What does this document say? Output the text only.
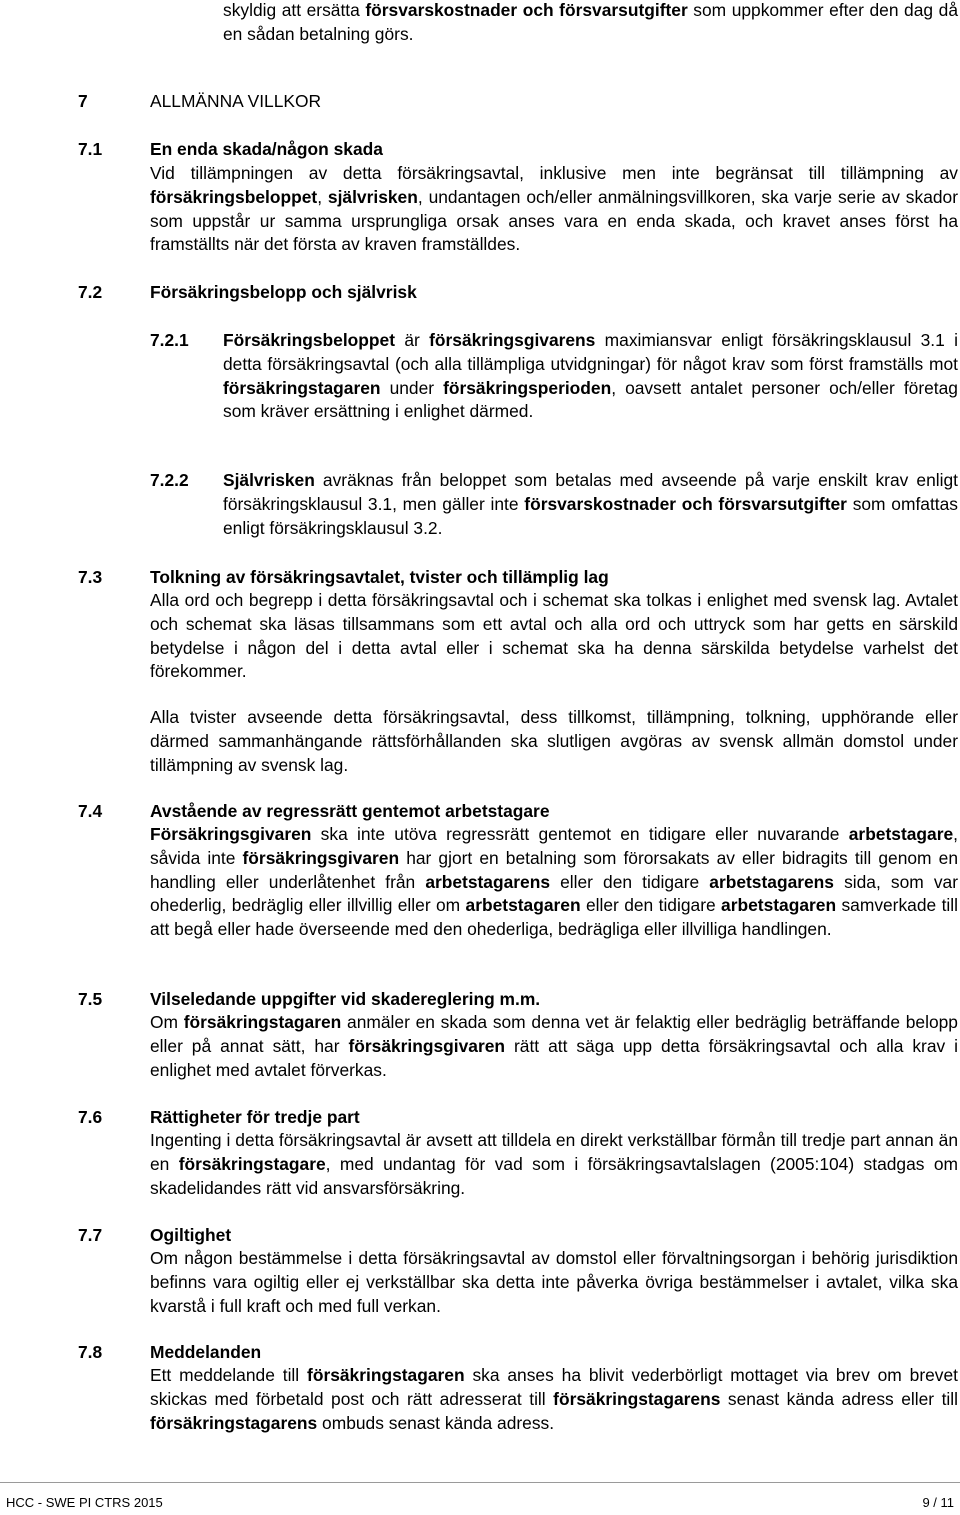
skyldig att ersätta försvarskostnader och försvarsutgifter som uppkommer efter den dag då en sådan betalning görs.
7	ALLMÄNNA VILLKOR
7.1	En enda skada/någon skada
Vid tillämpningen av detta försäkringsavtal, inklusive men inte begränsat till tillämpning av försäkringsbeloppet, självrisken, undantagen och/eller anmälningsvillkoren, ska varje serie av skador som uppstår ur samma ursprungliga orsak anses vara en enda skada, och kravet anses först ha framställts när det första av kraven framställdes.
7.2	Försäkringsbelopp och självrisk
7.2.1 Försäkringsbeloppet är försäkringsgivarens maximiansvar enligt försäkringsklausul 3.1 i detta försäkringsavtal (och alla tillämpliga utvidgningar) för något krav som först framställs mot försäkringstagaren under försäkringsperioden, oavsett antalet personer och/eller företag som kräver ersättning i enlighet därmed.
7.2.2 Självrisken avräknas från beloppet som betalas med avseende på varje enskilt krav enligt försäkringsklausul 3.1, men gäller inte försvarskostnader och försvarsutgifter som omfattas enligt försäkringsklausul 3.2.
7.3	Tolkning av försäkringsavtalet, tvister och tillämplig lag
Alla ord och begrepp i detta försäkringsavtal och i schemat ska tolkas i enlighet med svensk lag. Avtalet och schemat ska läsas tillsammans som ett avtal och alla ord och uttryck som har getts en särskild betydelse i någon del i detta avtal eller i schemat ska ha denna särskilda betydelse varhelst det förekommer.
Alla tvister avseende detta försäkringsavtal, dess tillkomst, tillämpning, tolkning, upphörande eller därmed sammanhängande rättsförhållanden ska slutligen avgöras av svensk allmän domstol under tillämpning av svensk lag.
7.4	Avstående av regressrätt gentemot arbetstagare
Försäkringsgivaren ska inte utöva regressrätt gentemot en tidigare eller nuvarande arbetstagare, såvida inte försäkringsgivaren har gjort en betalning som förorsakats av eller bidragits till genom en handling eller underlåtenhet från arbetstagarens eller den tidigare arbetstagarens sida, som var ohederlig, bedräglig eller illvillig eller om arbetstagaren eller den tidigare arbetstagaren samverkade till att begå eller hade överseende med den ohederliga, bedrägliga eller illvilliga handlingen.
7.5	Vilseledande uppgifter vid skadereglering m.m.
Om försäkringstagaren anmäler en skada som denna vet är felaktig eller bedräglig beträffande belopp eller på annat sätt, har försäkringsgivaren rätt att säga upp detta försäkringsavtal och alla krav i enlighet med avtalet förverkas.
7.6	Rättigheter för tredje part
Ingenting i detta försäkringsavtal är avsett att tilldela en direkt verkställbar förmån till tredje part annan än en försäkringstagare, med undantag för vad som i försäkringsavtalslagen (2005:104) stadgas om skadelidandes rätt vid ansvarsförsäkring.
7.7	Ogiltighet
Om någon bestämmelse i detta försäkringsavtal av domstol eller förvaltningsorgan i behörig jurisdiktion befinns vara ogiltig eller ej verkställbar ska detta inte påverka övriga bestämmelser i avtalet, vilka ska kvarstå i full kraft och med full verkan.
7.8	Meddelanden
Ett meddelande till försäkringstagaren ska anses ha blivit vederbörligt mottaget via brev om brevet skickas med förbetald post och rätt adresserat till försäkringstagarens senast kända adress eller till försäkringstagarens ombuds senast kända adress.
HCC - SWE PI CTRS 2015	9 / 11
